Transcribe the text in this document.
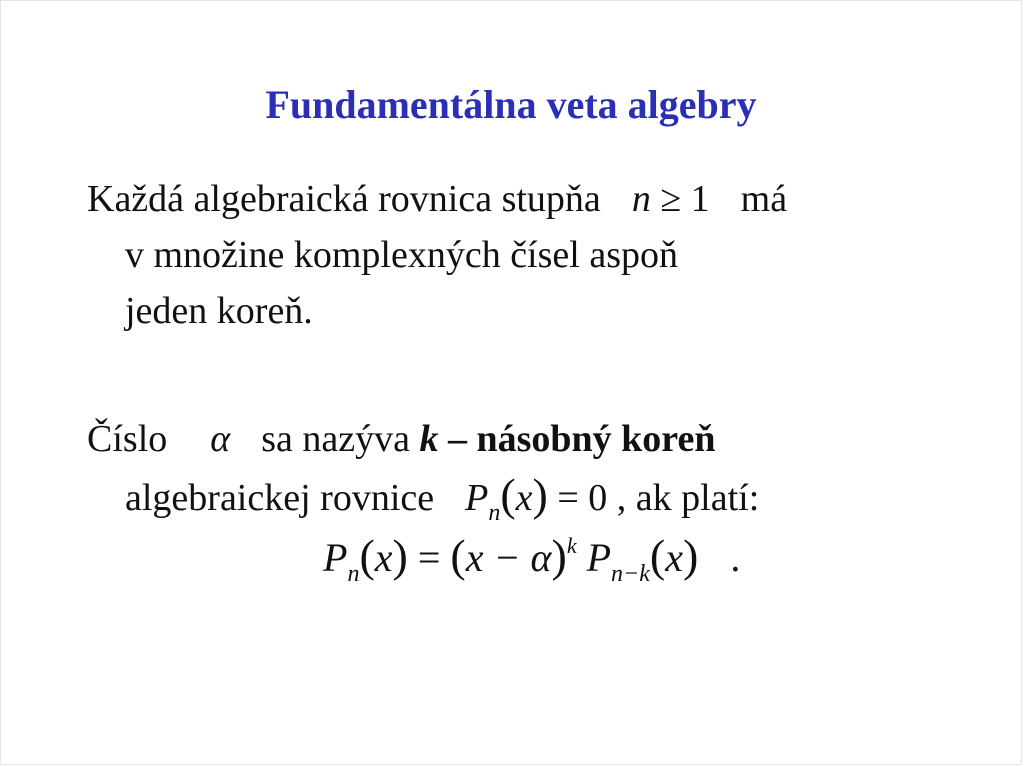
Fundamentálna veta algebry
Každá algebraická rovnica stupňa n ≥ 1 má
v množine komplexných čísel aspoň
jeden koreň.
Číslo α sa nazýva k – násobný koreň
algebraickej rovnice $P_n(x) = 0$ , ak platí:
$P_n(x) = (x - \alpha)^k$ $P_{n-k}(x)$ .
